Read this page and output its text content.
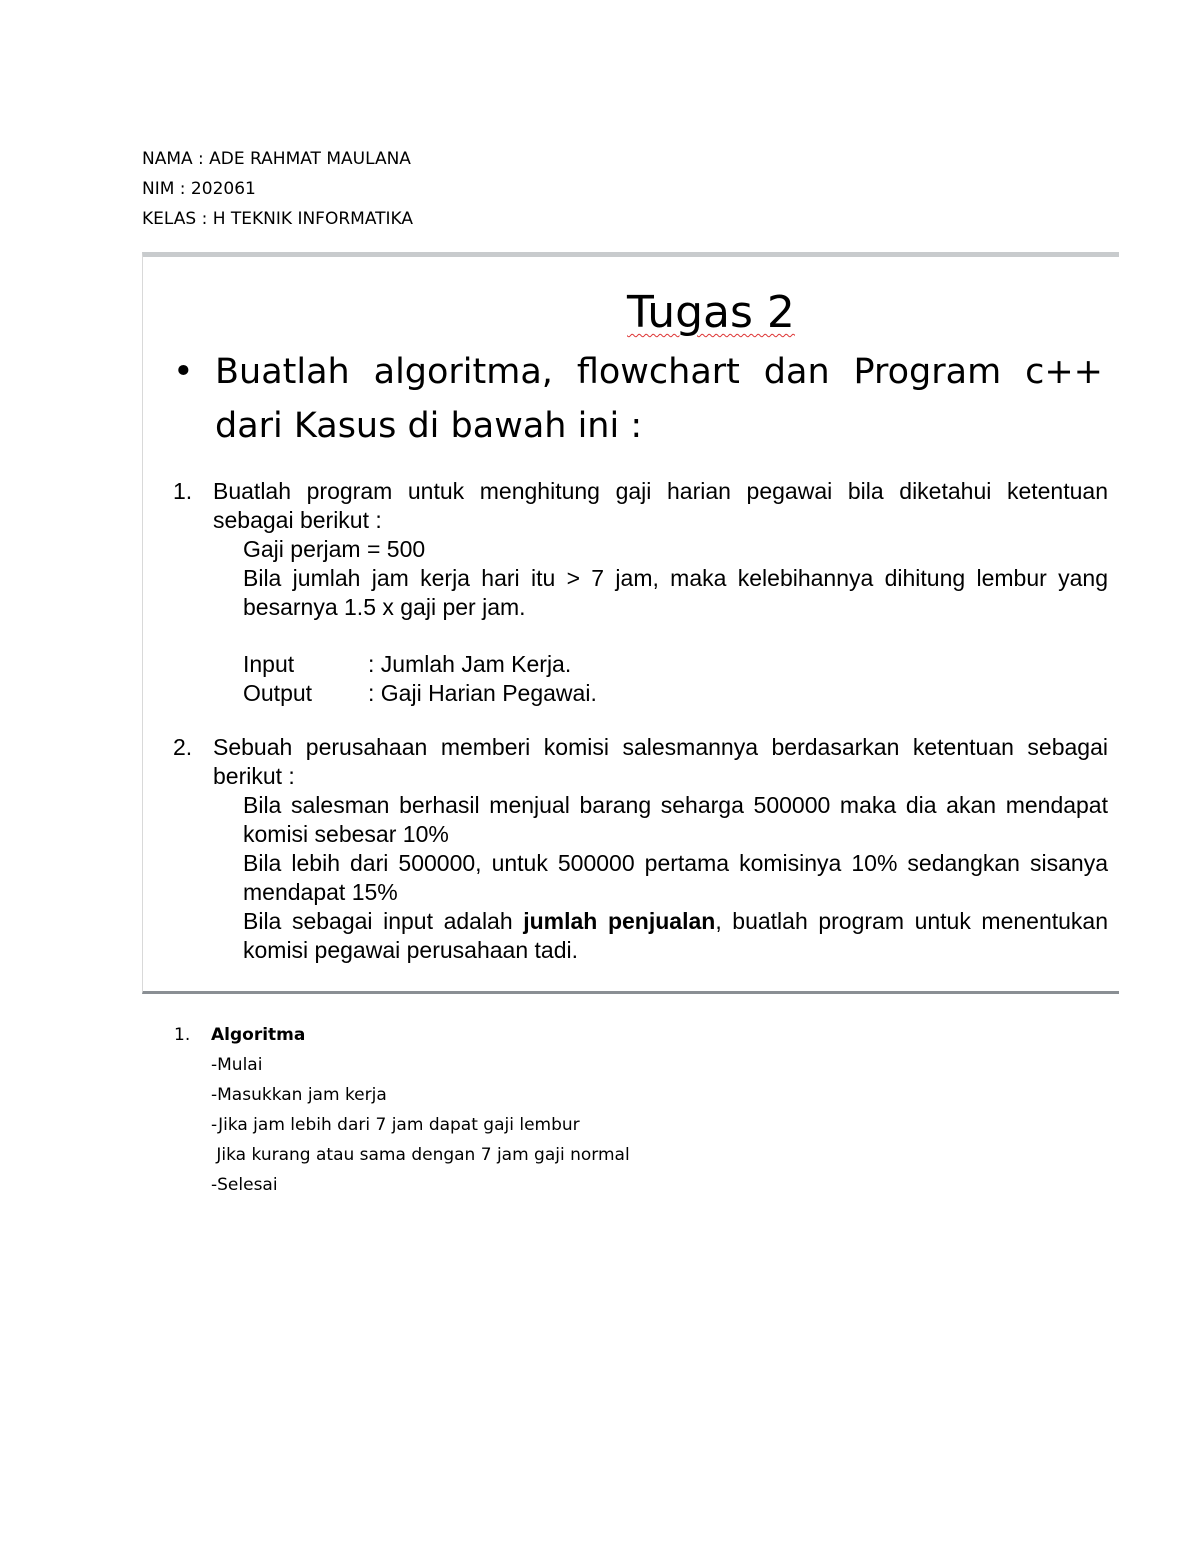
NAMA : ADE RAHMAT MAULANA
NIM : 202061
KELAS : H TEKNIK INFORMATIKA
Tugas 2
• Buatlah algoritma, flowchart dan Program c++ dari Kasus di bawah ini :
1. Buatlah program untuk menghitung gaji harian pegawai bila diketahui ketentuan sebagai berikut :
Gaji perjam = 500
Bila jumlah jam kerja hari itu > 7 jam, maka kelebihannya dihitung lembur yang besarnya 1.5 x gaji per jam.
Input	: Jumlah Jam Kerja.
Output	: Gaji Harian Pegawai.
2. Sebuah perusahaan memberi komisi salesmannya berdasarkan ketentuan sebagai berikut :
Bila salesman berhasil menjual barang seharga 500000 maka dia akan mendapat komisi sebesar 10%
Bila lebih dari 500000, untuk 500000 pertama komisinya 10% sedangkan sisanya mendapat 15%
Bila sebagai input adalah jumlah penjualan, buatlah program untuk menentukan komisi pegawai perusahaan tadi.
1. Algoritma
-Mulai
-Masukkan jam kerja
-Jika jam lebih dari 7 jam dapat gaji lembur
Jika kurang atau sama dengan 7 jam gaji normal
-Selesai
